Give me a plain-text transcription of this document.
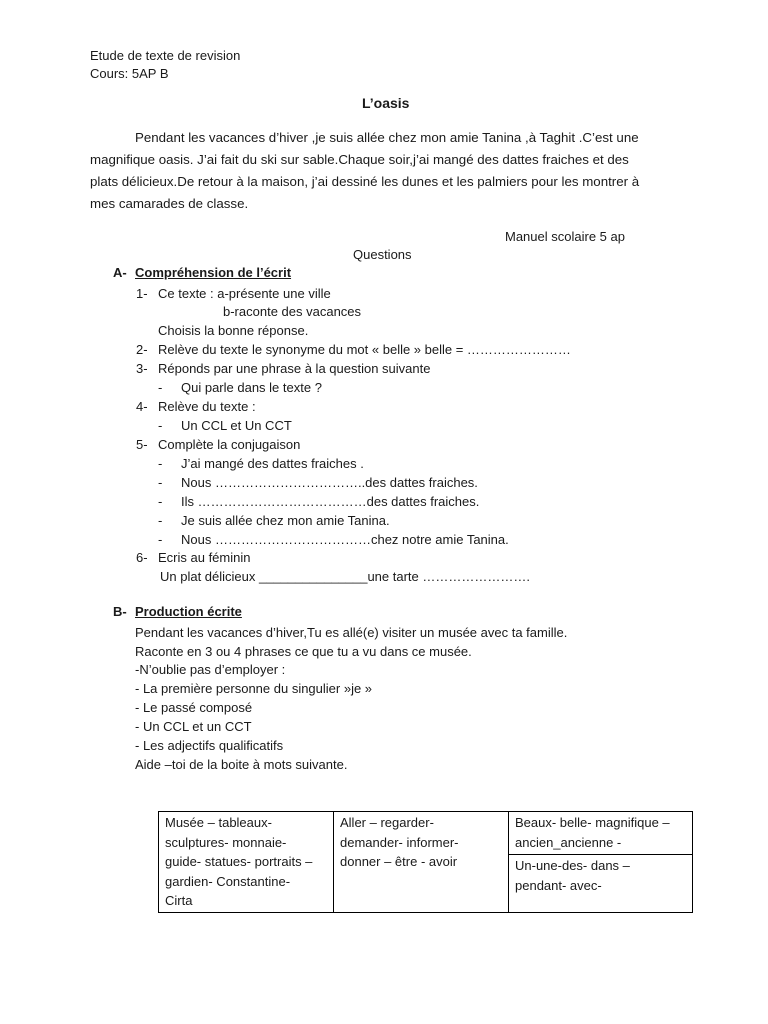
Etude de texte de revision
Cours: 5AP B
L’oasis
Pendant les vacances d’hiver ,je suis allée chez mon amie Tanina ,à Taghit .C’est une
magnifique oasis. J’ai fait du ski sur sable.Chaque soir,j’ai mangé des dattes fraiches et des
plats délicieux.De retour à la maison, j’ai dessiné les dunes et les palmiers pour les montrer à
mes camarades de classe.
Manuel scolaire 5 ap
Questions
A- Compréhension de l’écrit
1- Ce texte : a-présente une ville
b-raconte des vacances
Choisis la bonne réponse.
2- Relève du texte le synonyme du mot « belle » belle = ……………………
3- Réponds par une phrase à la question suivante
- Qui parle dans le texte ?
4- Relève du texte :
- Un CCL et Un CCT
5- Complète la conjugaison
- J’ai mangé des dattes fraiches .
- Nous ……………………………..des dattes fraiches.
- Ils …………………………………des dattes fraiches.
- Je suis allée chez mon amie Tanina.
- Nous ………………………………chez notre amie Tanina.
6- Ecris au féminin
Un plat délicieux _______________une tarte …………………….
B- Production écrite
Pendant les vacances d’hiver,Tu es allé(e) visiter un musée avec ta famille.
Raconte en 3 ou 4 phrases ce que tu a vu dans ce musée.
-N’oublie pas d’employer :
- La première personne du singulier »je »
- Le passé composé
- Un CCL et un CCT
- Les adjectifs qualificatifs
Aide –toi de la boite à mots suivante.
Musée – tableaux-
sculptures- monnaie-
guide- statues- portraits –
gardien- Constantine-
Cirta

Aller – regarder-
demander- informer-
donner – être - avoir

Beaux- belle- magnifique –
ancien_ancienne -

Un-une-des- dans –
pendant- avec-
